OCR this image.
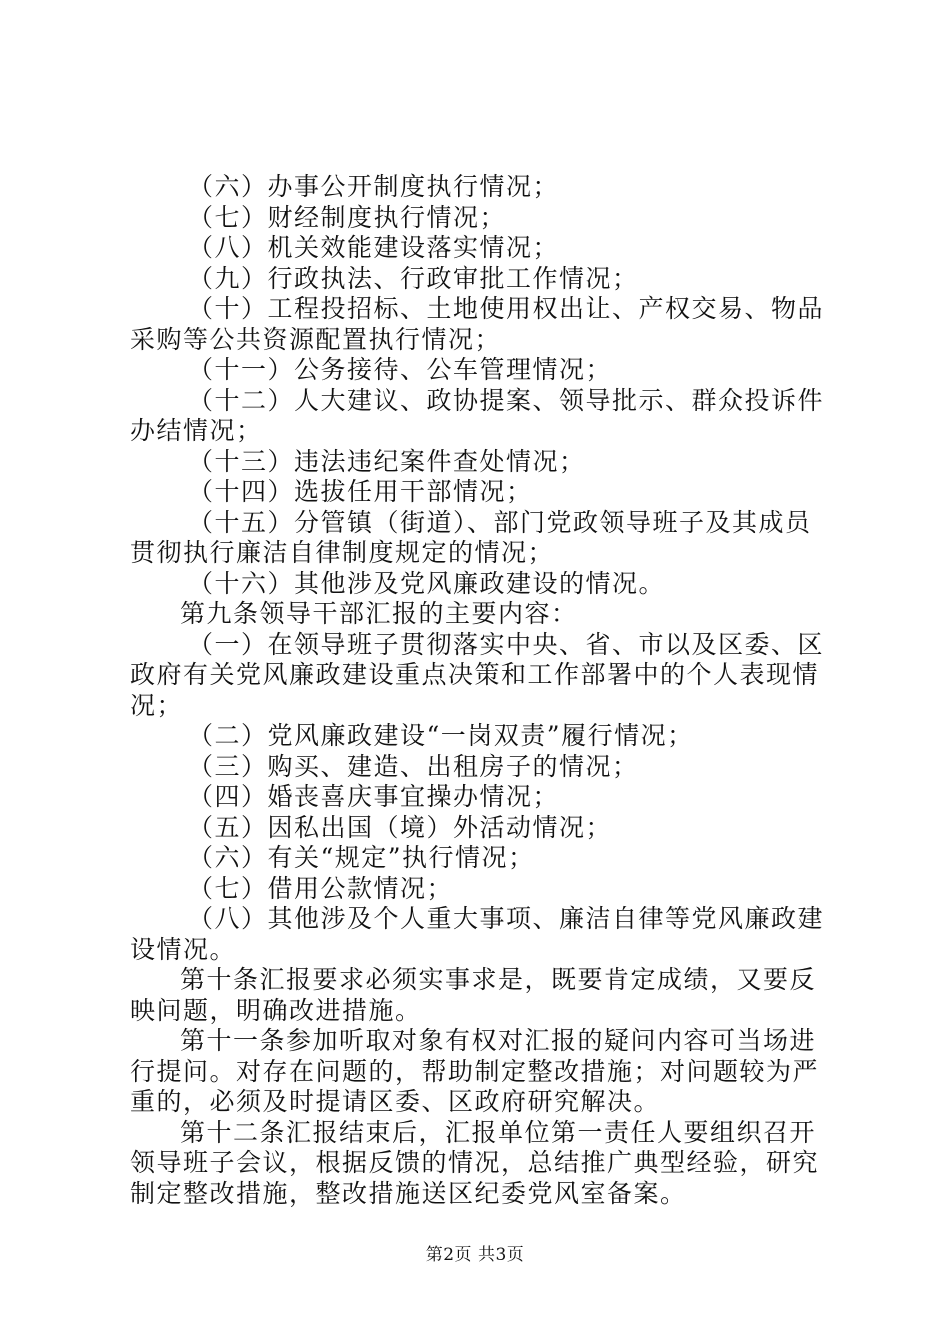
（六）办事公开制度执行情况；

（七）财经制度执行情况；

（八）机关效能建设落实情况；

（九）行政执法、行政审批工作情况；

（十）工程投招标、土地使用权出让、产权交易、物品采购等公共资源配置执行情况；

（十一）公务接待、公车管理情况；

（十二）人大建议、政协提案、领导批示、群众投诉件办结情况；

（十三）违法违纪案件查处情况；

（十四）选拔任用干部情况；

（十五）分管镇（街道）、部门党政领导班子及其成员贯彻执行廉洁自律制度规定的情况；

（十六）其他涉及党风廉政建设的情况。

第九条领导干部汇报的主要内容：

（一）在领导班子贯彻落实中央、省、市以及区委、区政府有关党风廉政建设重点决策和工作部署中的个人表现情况；

（二）党风廉政建设“一岗双责”履行情况；

（三）购买、建造、出租房子的情况；

（四）婚丧喜庆事宜操办情况；

（五）因私出国（境）外活动情况；

（六）有关“规定”执行情况；

（七）借用公款情况；

（八）其他涉及个人重大事项、廉洁自律等党风廉政建设情况。

第十条汇报要求必须实事求是，既要肯定成绩，又要反映问题，明确改进措施。

第十一条参加听取对象有权对汇报的疑问内容可当场进行提问。对存在问题的，帮助制定整改措施；对问题较为严重的，必须及时提请区委、区政府研究解决。

第十二条汇报结束后，汇报单位第一责任人要组织召开领导班子会议，根据反馈的情况，总结推广典型经验，研究制定整改措施，整改措施送区纪委党风室备案。

第2页 共3页
